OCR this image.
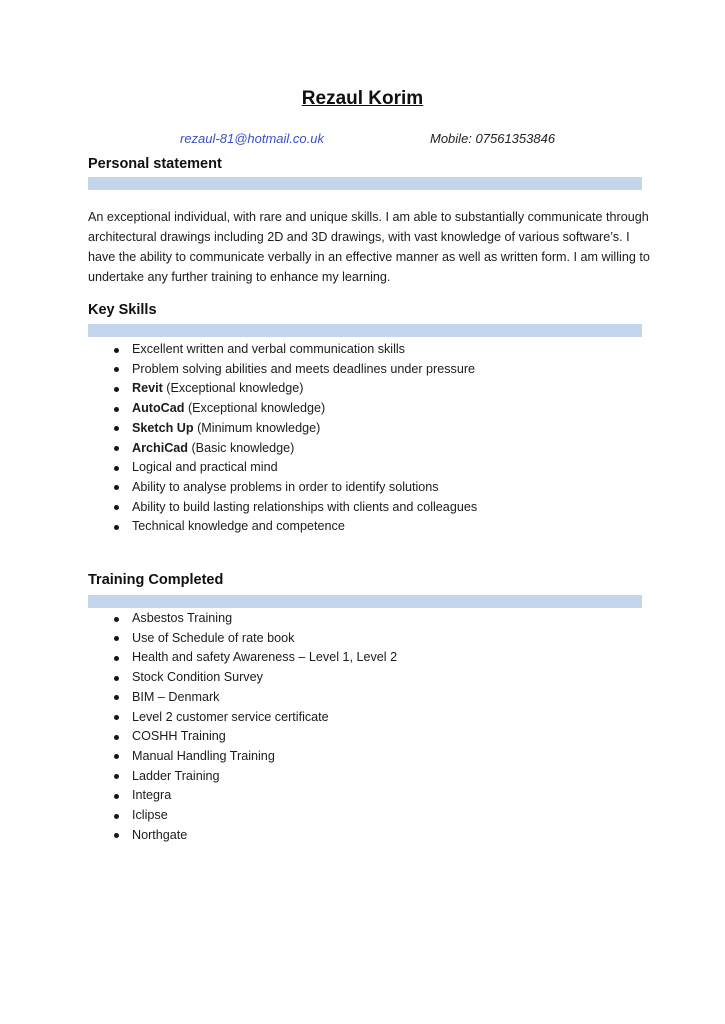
Rezaul Korim
rezaul-81@hotmail.co.uk	Mobile: 07561353846
Personal statement

An exceptional individual, with rare and unique skills. I am able to substantially communicate through architectural drawings including 2D and 3D drawings, with vast knowledge of various software’s. I have the ability to communicate verbally in an effective manner as well as written form. I am willing to undertake any further training to enhance my learning.

Key Skills
Excellent written and verbal communication skills
Problem solving abilities and meets deadlines under pressure
Revit (Exceptional knowledge)
AutoCad (Exceptional knowledge)
Sketch Up (Minimum knowledge)
ArchiCad (Basic knowledge)
Logical and practical mind
Ability to analyse problems in order to identify solutions
Ability to build lasting relationships with clients and colleagues
Technical knowledge and competence
Training Completed
Asbestos Training
Use of Schedule of rate book
Health and safety Awareness – Level 1, Level 2
Stock Condition Survey
BIM – Denmark
Level 2 customer service certificate
COSHH Training
Manual Handling Training
Ladder Training
Integra
Iclipse
Northgate
